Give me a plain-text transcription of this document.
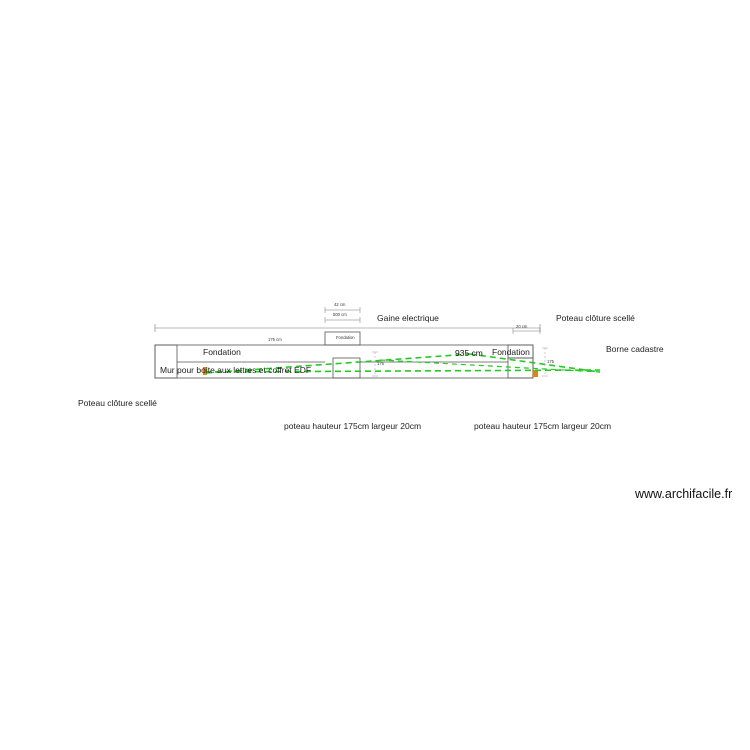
Gaine electrique	Poteau clôture scellé
Borne cadastre
Fondation	Fondation
Mur pour boite aux lettres et coffret EDF
Poteau clôture scellé
poteau hauteur 175cm largeur 20cm	poteau hauteur 175cm largeur 20cm
935 cm
42 cm
500 cm
Fondation
20 cm
175 cm
175	175
www.archifacile.fr
